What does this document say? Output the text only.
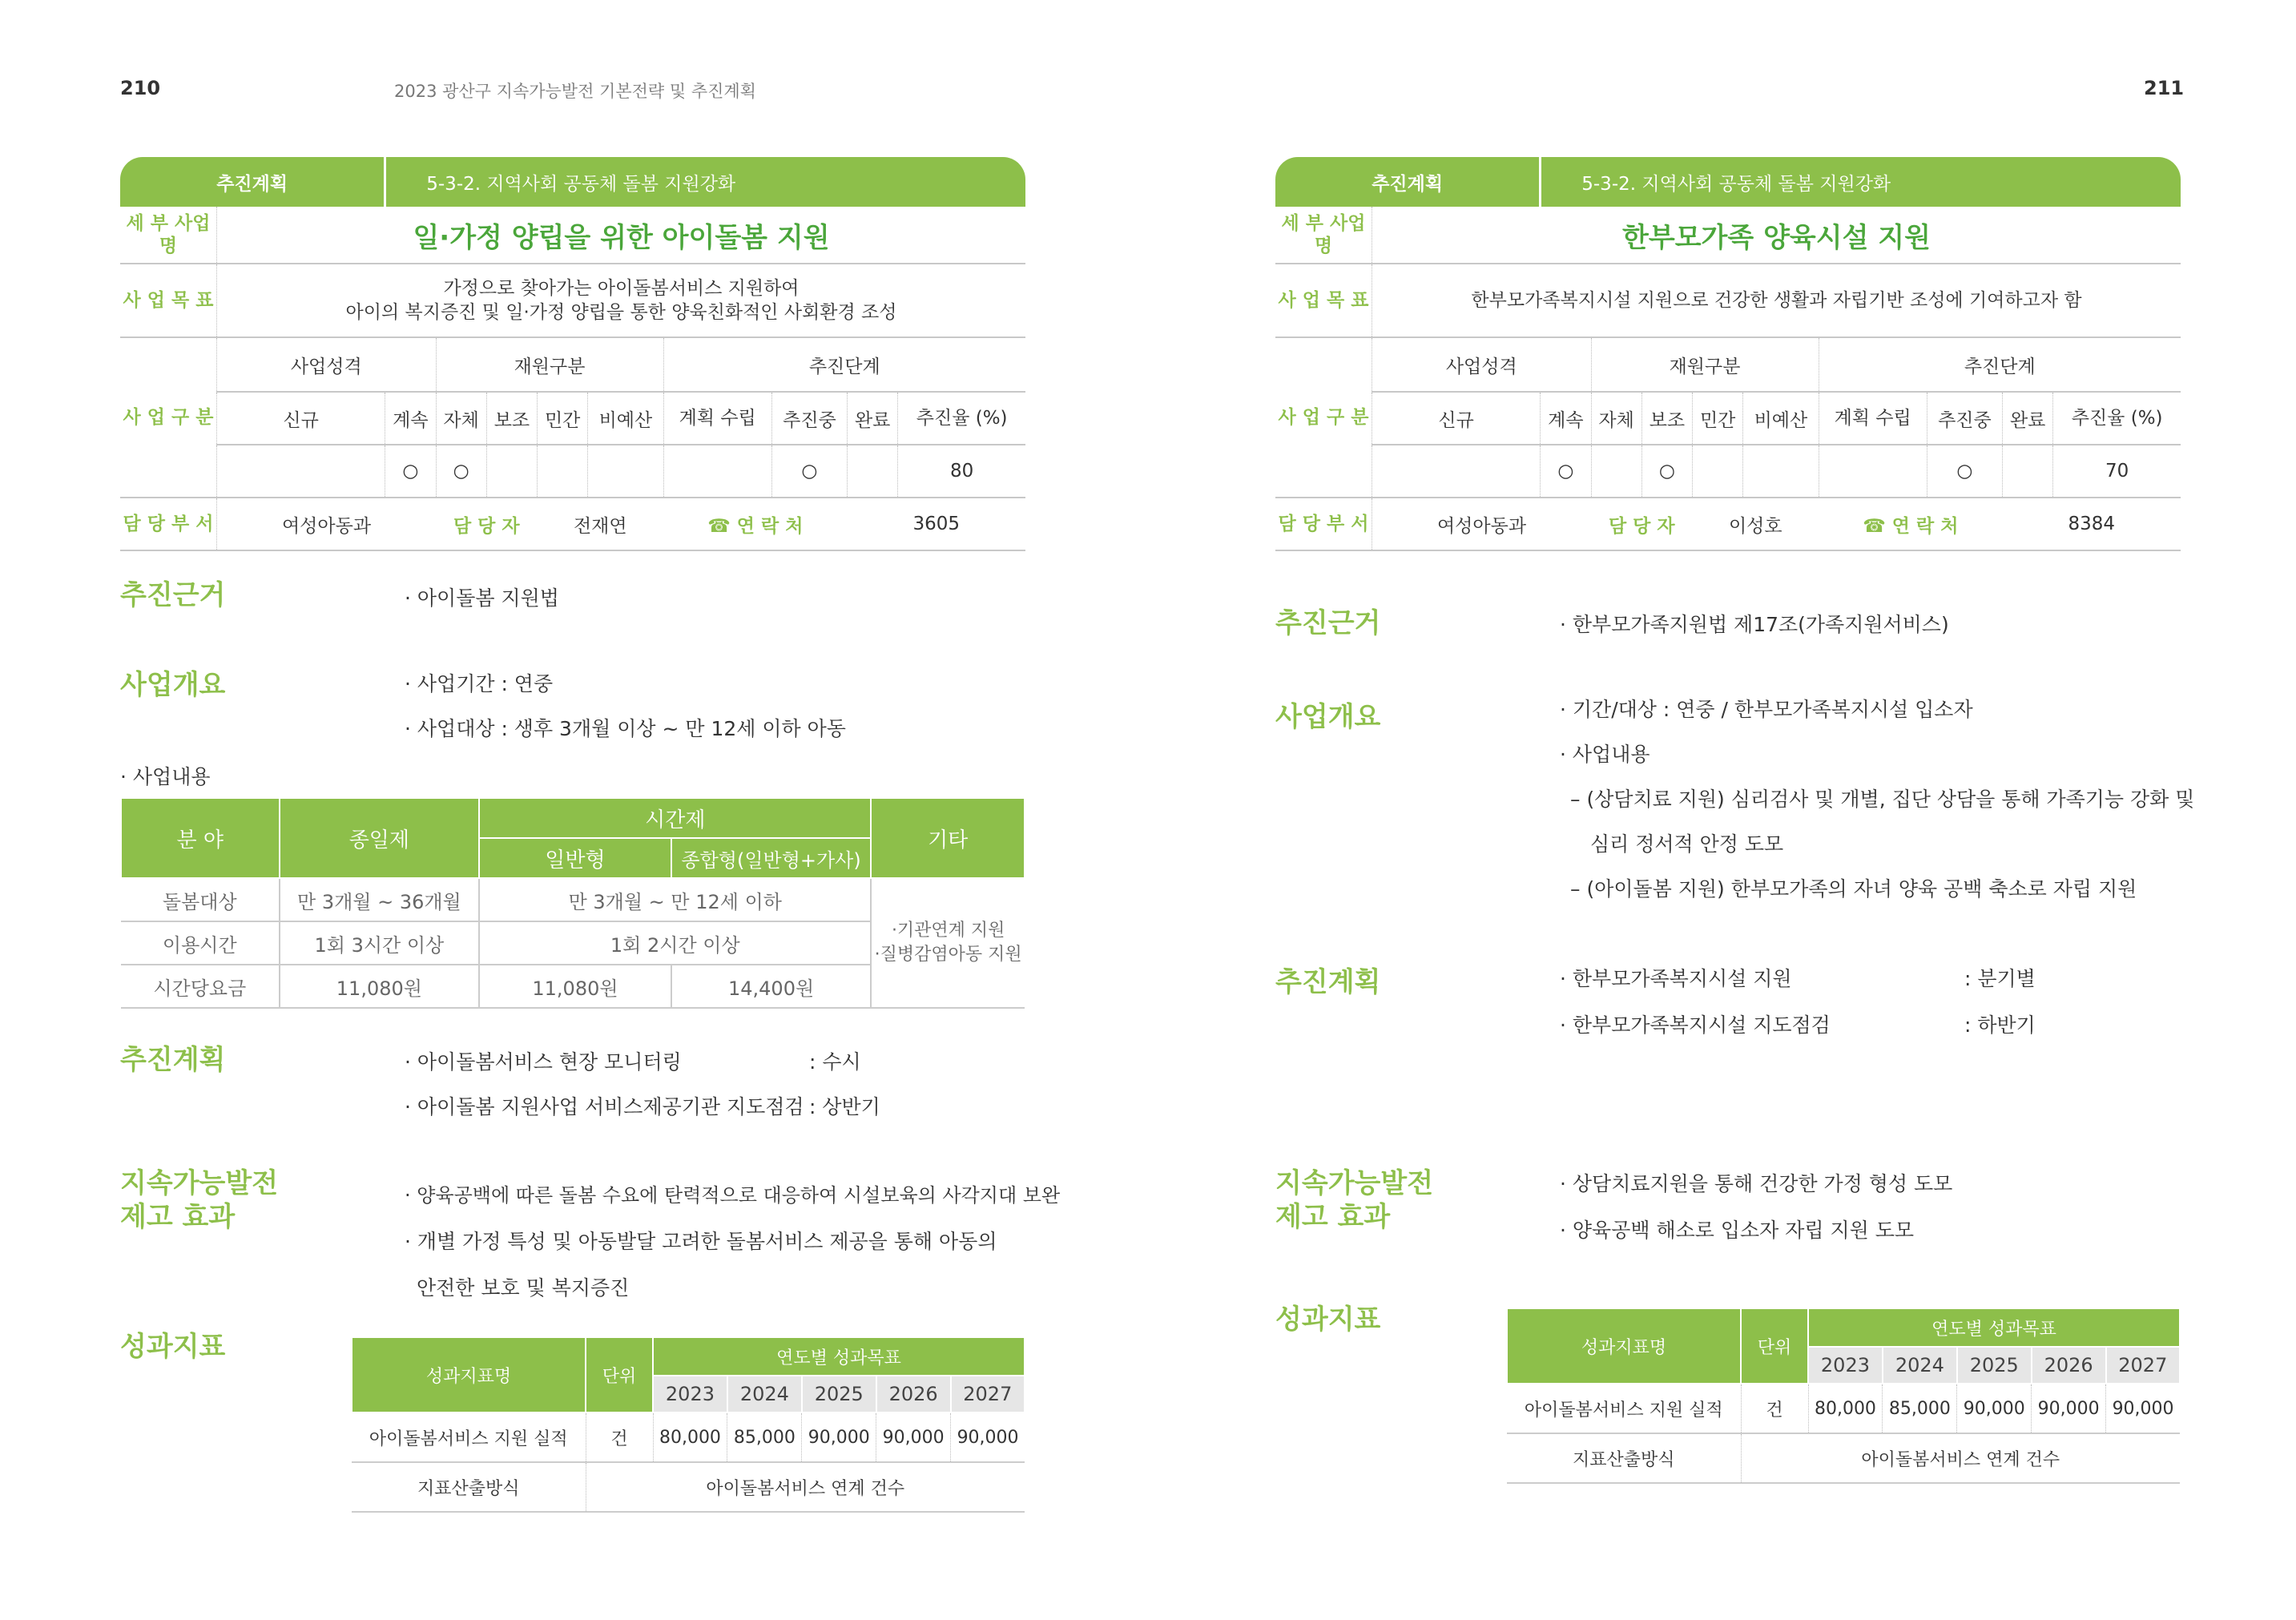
210	2023 광산구 지속가능발전 기본전략 및 추진계획	211
추진계획		5-3-2. 지역사회 공동체 돌봄 지원강화								
세 부 사업명	일·가정 양립을 위한 아이돌봄 지원									
사 업 목 표	가정으로 찾아가는 아이돌봄서비스 지원하여
아이의 복지증진 및 일·가정 양립을 통한 양육친화적인 사회환경 조성									

사 업 구 분	사업성격		재원구분				추진단계			
	신규	계속	자체	보조	민간	비예산	계획 수립	추진중	완료	추진율 (%)
		○	○					○		80
담 당 부 서	여성아동과		담 당 자		전재연		☎ 연 락 처		3605	
추진근거	· 아이돌봄 지원법
사업개요	· 사업기간 : 연중
· 사업대상 : 생후 3개월 이상 ~ 만 12세 이하 아동
· 사업내용
분 야	종일제	시간제		기타
		일반형	종합형(일반형+가사)	
돌봄대상	만 3개월 ~ 36개월	만 3개월 ~ 만 12세 이하		·기관연계 지원
·질병감염아동 지원

이용시간	1회 3시간 이상	1회 2시간 이상		
시간당요금	11,080원	11,080원	14,400원	
추진계획	· 아이돌봄서비스 현장 모니터링	: 수시
· 아이돌봄 지원사업 서비스제공기관 지도점검 : 상반기
지속가능발전
제고 효과
· 양육공백에 따른 돌봄 수요에 탄력적으로 대응하여 시설보육의 사각지대 보완
· 개별 가정 특성 및 아동발달 고려한 돌봄서비스 제공을 통해 아동의
안전한 보호 및 복지증진
성과지표
성과지표명	단위	연도별 성과목표				
		2023	2024	2025	2026	2027
아이돌봄서비스 지원 실적	건	80,000	85,000	90,000	90,000	90,000
지표산출방식	아이돌봄서비스 연계 건수					
추진계획		5-3-2. 지역사회 공동체 돌봄 지원강화								
세 부 사업명	한부모가족 양육시설 지원									
사 업 목 표	한부모가족복지시설 지원으로 건강한 생활과 자립기반 조성에 기여하고자 함									

사 업 구 분	사업성격		재원구분				추진단계			
	신규	계속	자체	보조	민간	비예산	계획 수립	추진중	완료	추진율 (%)
		○		○				○		70
담 당 부 서	여성아동과		담 당 자		이성호		☎ 연 락 처		8384	
추진근거	· 한부모가족지원법 제17조(가족지원서비스)
사업개요	· 기간/대상 : 연중 / 한부모가족복지시설 입소자
· 사업내용
– (상담치료 지원) 심리검사 및 개별, 집단 상담을 통해 가족기능 강화 및
심리 정서적 안정 도모
– (아이돌봄 지원) 한부모가족의 자녀 양육 공백 축소로 자립 지원
추진계획	· 한부모가족복지시설 지원	: 분기별
· 한부모가족복지시설 지도점검	: 하반기
지속가능발전
제고 효과
· 상담치료지원을 통해 건강한 가정 형성 도모
· 양육공백 해소로 입소자 자립 지원 도모
성과지표
성과지표명	단위	연도별 성과목표				
		2023	2024	2025	2026	2027
아이돌봄서비스 지원 실적	건	80,000	85,000	90,000	90,000	90,000
지표산출방식	아이돌봄서비스 연계 건수					
